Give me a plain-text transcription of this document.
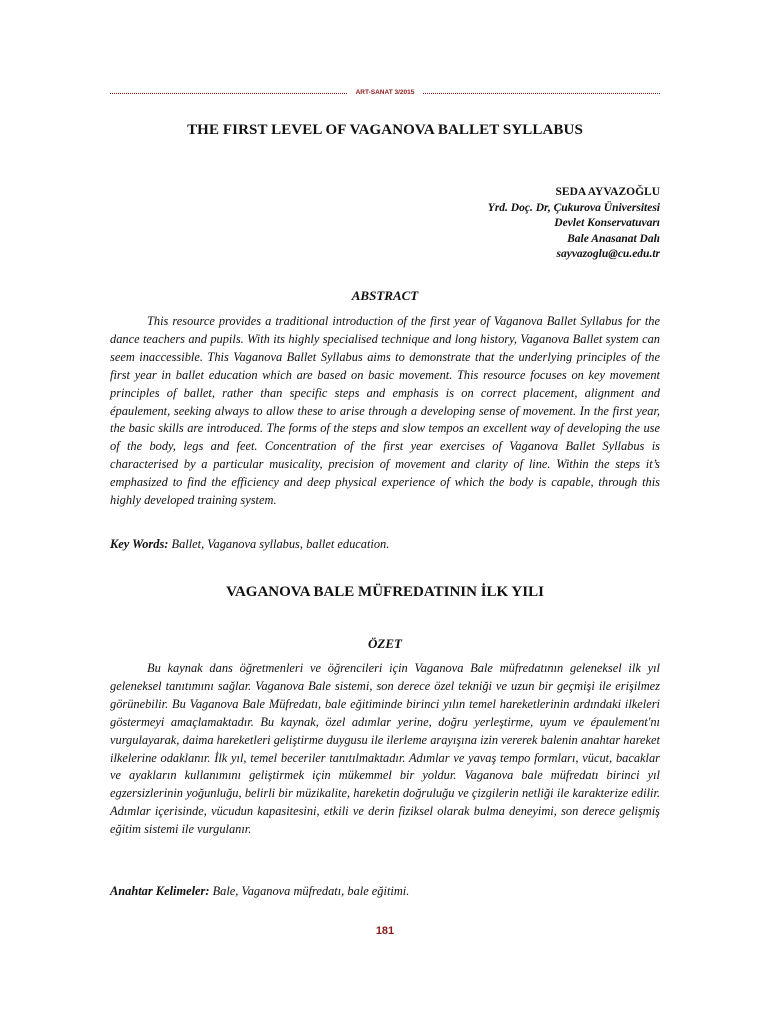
ART-SANAT 3/2015
THE FIRST LEVEL OF VAGANOVA BALLET SYLLABUS
SEDA AYVAZOĞLU
Yrd. Doç. Dr, Çukurova Üniversitesi
Devlet Konservatuvarı
Bale Anasanat Dalı
sayvazoglu@cu.edu.tr
ABSTRACT

This resource provides a traditional introduction of the first year of Vaganova Ballet Syllabus for the dance teachers and pupils. With its highly specialised technique and long history, Vaganova Ballet system can seem inaccessible. This Vaganova Ballet Syllabus aims to demonstrate that the underlying principles of the first year in ballet education which are based on basic movement. This resource focuses on key movement principles of ballet, rather than specific steps and emphasis is on correct placement, alignment and épaulement, seeking always to allow these to arise through a developing sense of movement. In the first year, the basic skills are introduced. The forms of the steps and slow tempos an excellent way of developing the use of the body, legs and feet. Concentration of the first year exercises of Vaganova Ballet Syllabus is characterised by a particular musicality, precision of movement and clarity of line. Within the steps it’s emphasized to find the efficiency and deep physical experience of which the body is capable, through this highly developed training system.

Key Words: Ballet, Vaganova syllabus, ballet education.

VAGANOVA BALE MÜFREDATININ İLK YILI
ÖZET

Bu kaynak dans öğretmenleri ve öğrencileri için Vaganova Bale müfredatının geleneksel ilk yıl geleneksel tanıtımını sağlar. Vaganova Bale sistemi, son derece özel tekniği ve uzun bir geçmişi ile erişilmez görünebilir. Bu Vaganova Bale Müfredatı, bale eğitiminde birinci yılın temel hareketlerinin ardındaki ilkeleri göstermeyi amaçlamaktadır. Bu kaynak, özel adımlar yerine, doğru yerleştirme, uyum ve épaulement'nı vurgulayarak, daima hareketleri geliştirme duygusu ile ilerleme arayışına izin vererek balenin anahtar hareket ilkelerine odaklanır. İlk yıl, temel beceriler tanıtılmaktadır. Adımlar ve yavaş tempo formları, vücut, bacaklar ve ayakların kullanımını geliştirmek için mükemmel bir yoldur. Vaganova bale müfredatı birinci yıl egzersizlerinin yoğunluğu, belirli bir müzikalite, hareketin doğruluğu ve çizgilerin netliği ile karakterize edilir. Adımlar içerisinde, vücudun kapasitesini, etkili ve derin fiziksel olarak bulma deneyimi, son derece gelişmiş eğitim sistemi ile vurgulanır.

Anahtar Kelimeler: Bale, Vaganova müfredatı, bale eğitimi.

181
